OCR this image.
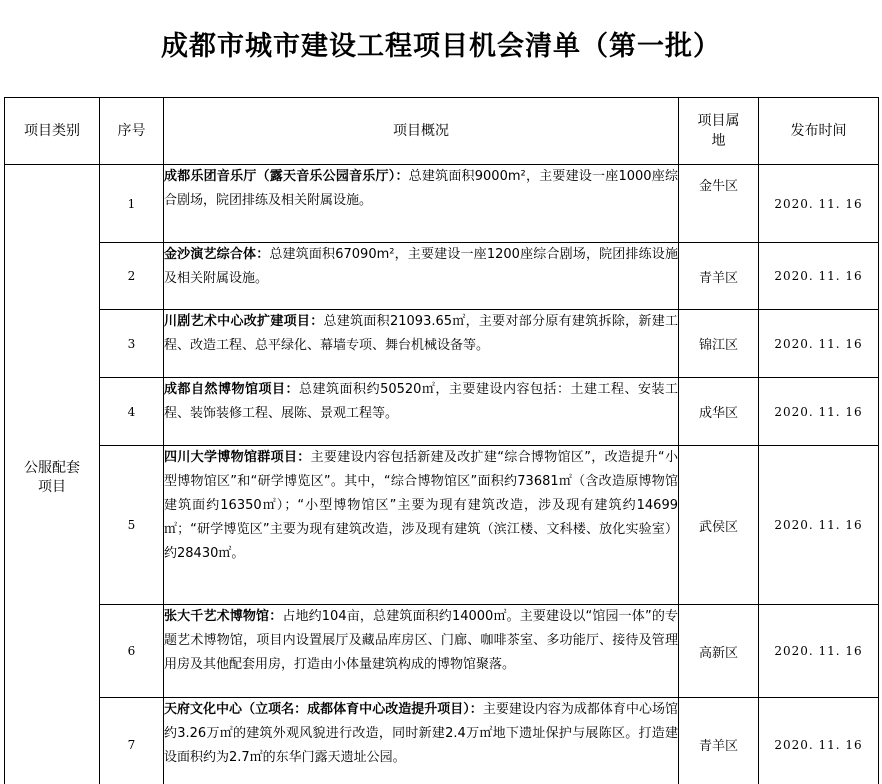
成都市城市建设工程项目机会清单（第一批）
项目类别	序号	项目概况	项目属地	发布时间

公服配套项目	1	成都乐团音乐厅（露天音乐公园音乐厅）：总建筑面积9000m²，主要建设一座1000座综合剧场，院团排练及相关附属设施。	金牛区	2020. 11. 16
	2	金沙演艺综合体：总建筑面积67090m²，主要建设一座1200座综合剧场，院团排练设施及相关附属设施。	青羊区	2020. 11. 16
	3	川剧艺术中心改扩建项目：总建筑面积21093.65㎡，主要对部分原有建筑拆除，新建工程、改造工程、总平绿化、幕墙专项、舞台机械设备等。	锦江区	2020. 11. 16
	4	成都自然博物馆项目：总建筑面积约50520㎡，主要建设内容包括：土建工程、安装工程、装饰装修工程、展陈、景观工程等。	成华区	2020. 11. 16
	5	四川大学博物馆群项目：主要建设内容包括新建及改扩建“综合博物馆区”，改造提升“小型博物馆区”和“研学博览区”。其中，“综合博物馆区”面积约73681㎡（含改造原博物馆建筑面约16350㎡）；“小型博物馆区”主要为现有建筑改造，涉及现有建筑约14699㎡；“研学博览区”主要为现有建筑改造，涉及现有建筑（滨江楼、文科楼、放化实验室）约28430㎡。	武侯区	2020. 11. 16
	6	张大千艺术博物馆：占地约104亩，总建筑面积约14000㎡。主要建设以“馆园一体”的专题艺术博物馆，项目内设置展厅及藏品库房区、门廊、咖啡茶室、多功能厅、接待及管理用房及其他配套用房，打造由小体量建筑构成的博物馆聚落。	高新区	2020. 11. 16
	7	天府文化中心（立项名：成都体育中心改造提升项目）：主要建设内容为成都体育中心场馆约3.26万㎡的建筑外观风貌进行改造，同时新建2.4万㎡地下遗址保护与展陈区。打造建设面积约为2.7㎡的东华门露天遗址公园。	青羊区	2020. 11. 16
